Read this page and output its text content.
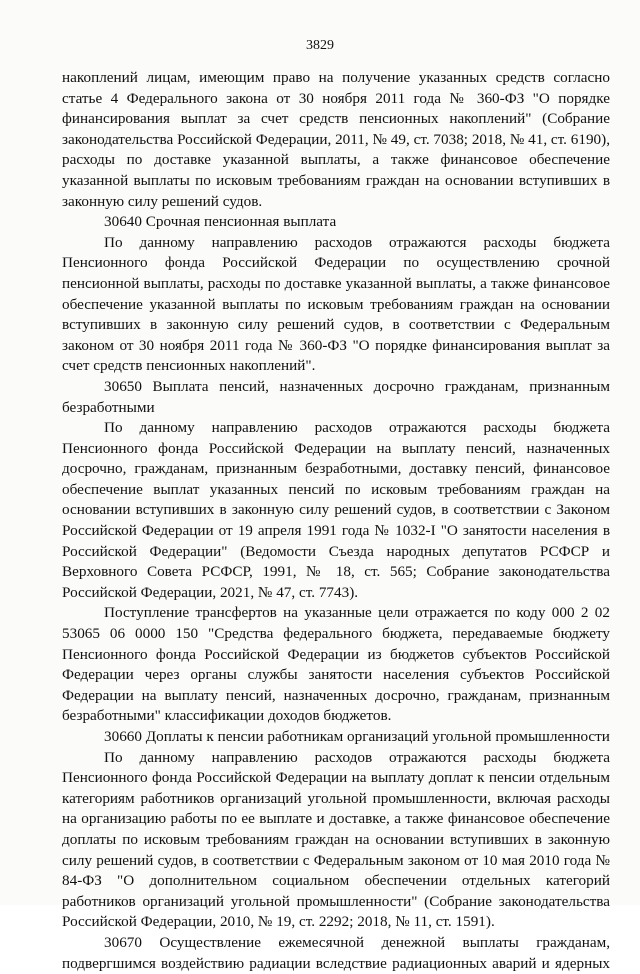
3829

накоплений лицам, имеющим право на получение указанных средств согласно статье 4 Федерального закона от 30 ноября 2011 года № 360-ФЗ "О порядке финансирования выплат за счет средств пенсионных накоплений" (Собрание законодательства Российской Федерации, 2011, № 49, ст. 7038; 2018, № 41, ст. 6190), расходы по доставке указанной выплаты, а также финансовое обеспечение указанной выплаты по исковым требованиям граждан на основании вступивших в законную силу решений судов.

30640 Срочная пенсионная выплата

По данному направлению расходов отражаются расходы бюджета Пенсионного фонда Российской Федерации по осуществлению срочной пенсионной выплаты, расходы по доставке указанной выплаты, а также финансовое обеспечение указанной выплаты по исковым требованиям граждан на основании вступивших в законную силу решений судов, в соответствии с Федеральным законом от 30 ноября 2011 года № 360-ФЗ "О порядке финансирования выплат за счет средств пенсионных накоплений".

30650 Выплата пенсий, назначенных досрочно гражданам, признанным безработными

По данному направлению расходов отражаются расходы бюджета Пенсионного фонда Российской Федерации на выплату пенсий, назначенных досрочно, гражданам, признанным безработными, доставку пенсий, финансовое обеспечение выплат указанных пенсий по исковым требованиям граждан на основании вступивших в законную силу решений судов, в соответствии с Законом Российской Федерации от 19 апреля 1991 года № 1032-I "О занятости населения в Российской Федерации" (Ведомости Съезда народных депутатов РСФСР и Верховного Совета РСФСР, 1991, № 18, ст. 565; Собрание законодательства Российской Федерации, 2021, № 47, ст. 7743).

Поступление трансфертов на указанные цели отражается по коду 000 2 02 53065 06 0000 150 "Средства федерального бюджета, передаваемые бюджету Пенсионного фонда Российской Федерации из бюджетов субъектов Российской Федерации через органы службы занятости населения субъектов Российской Федерации на выплату пенсий, назначенных досрочно, гражданам, признанным безработными" классификации доходов бюджетов.

30660 Доплаты к пенсии работникам организаций угольной промышленности

По данному направлению расходов отражаются расходы бюджета Пенсионного фонда Российской Федерации на выплату доплат к пенсии отдельным категориям работников организаций угольной промышленности, включая расходы на организацию работы по ее выплате и доставке, а также финансовое обеспечение доплаты по исковым требованиям граждан на основании вступивших в законную силу решений судов, в соответствии с Федеральным законом от 10 мая 2010 года № 84-ФЗ "О дополнительном социальном обеспечении отдельных категорий работников организаций угольной промышленности" (Собрание законодательства Российской Федерации, 2010, № 19, ст. 2292; 2018, № 11, ст. 1591).

30670 Осуществление ежемесячной денежной выплаты гражданам, подвергшимся воздействию радиации вследствие радиационных аварий и ядерных
